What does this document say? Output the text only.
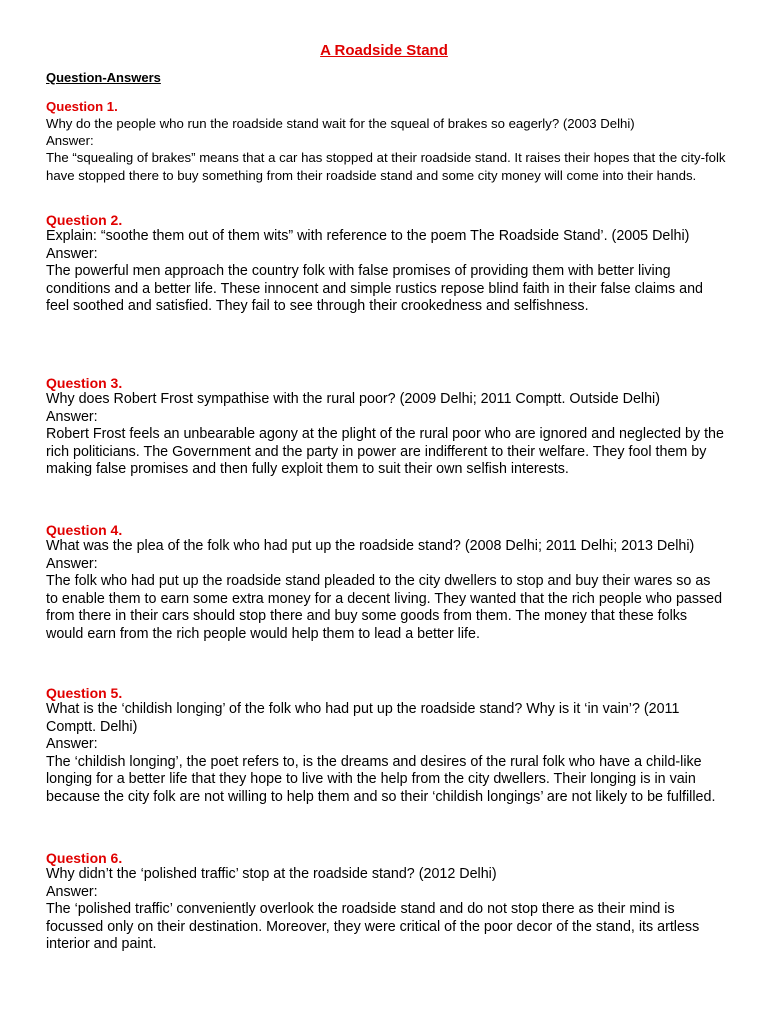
A Roadside Stand
Question-Answers
Question 1.
Why do the people who run the roadside stand wait for the squeal of brakes so eagerly? (2003 Delhi)
Answer:
The “squealing of brakes” means that a car has stopped at their roadside stand. It raises their hopes that the city-folk have stopped there to buy something from their roadside stand and some city money will come into their hands.
Question 2.
Explain: “soothe them out of them wits” with reference to the poem The Roadside Stand’. (2005 Delhi)
Answer:
The powerful men approach the country folk with false promises of providing them with better living conditions and a better life. These innocent and simple rustics repose blind faith in their false claims and feel soothed and satisfied. They fail to see through their crookedness and selfishness.
Question 3.
Why does Robert Frost sympathise with the rural poor? (2009 Delhi; 2011 Comptt. Outside Delhi)
Answer:
Robert Frost feels an unbearable agony at the plight of the rural poor who are ignored and neglected by the rich politicians. The Government and the party in power are indifferent to their welfare. They fool them by making false promises and then fully exploit them to suit their own selfish interests.
Question 4.
What was the plea of the folk who had put up the roadside stand? (2008 Delhi; 2011 Delhi; 2013 Delhi)
Answer:
The folk who had put up the roadside stand pleaded to the city dwellers to stop and buy their wares so as to enable them to earn some extra money for a decent living. They wanted that the rich people who passed from there in their cars should stop there and buy some goods from them. The money that these folks would earn from the rich people would help them to lead a better life.
Question 5.
What is the ‘childish longing’ of the folk who had put up the roadside stand? Why is it ‘in vain’? (2011 Comptt. Delhi)
Answer:
The ‘childish longing’, the poet refers to, is the dreams and desires of the rural folk who have a child-like longing for a better life that they hope to live with the help from the city dwellers. Their longing is in vain because the city folk are not willing to help them and so their ‘childish longings’ are not likely to be fulfilled.
Question 6.
Why didn’t the ‘polished traffic’ stop at the roadside stand? (2012 Delhi)
Answer:
The ‘polished traffic’ conveniently overlook the roadside stand and do not stop there as their mind is focussed only on their destination. Moreover, they were critical of the poor decor of the stand, its artless interior and paint.
